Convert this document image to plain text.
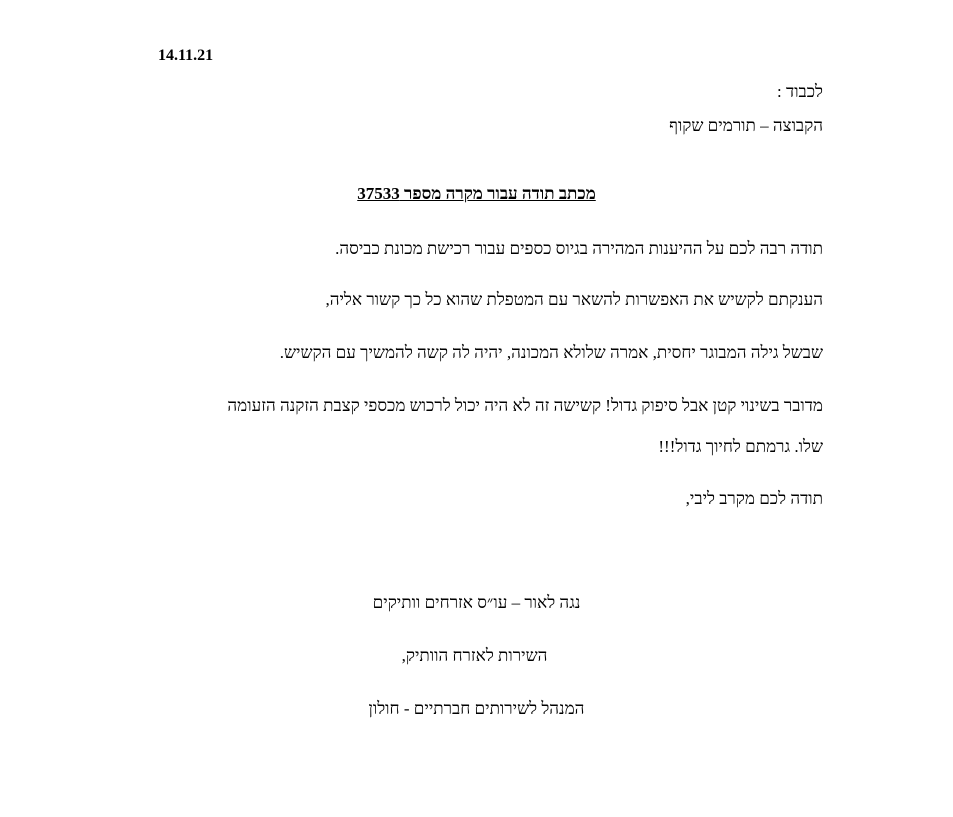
14.11.21
לכבוד :
הקבוצה – תורמים שקוף
מכתב תודה עבור מקרה מספר 37533
תודה רבה לכם על ההיענות המהירה בגיוס כספים עבור רכישת מכונת כביסה.
הענקתם לקשיש את האפשרות להשאר עם המטפלת שהוא כל כך קשור אליה,
שבשל גילה המבוגר יחסית, אמרה שלולא המכונה, יהיה לה קשה להמשיך עם הקשיש.
מדובר בשינוי קטן אבל סיפוק גדול! קשישה זה לא היה יכול לרכוש מכספי קצבת הזקנה הזעומה
שלו. גרמתם לחיוך גדול!!!
תודה לכם מקרב ליבי,
נגה לאור – עו״ס אזרחים וותיקים
השירות לאזרח הוותיק,
המנהל לשירותים חברתיים - חולון
